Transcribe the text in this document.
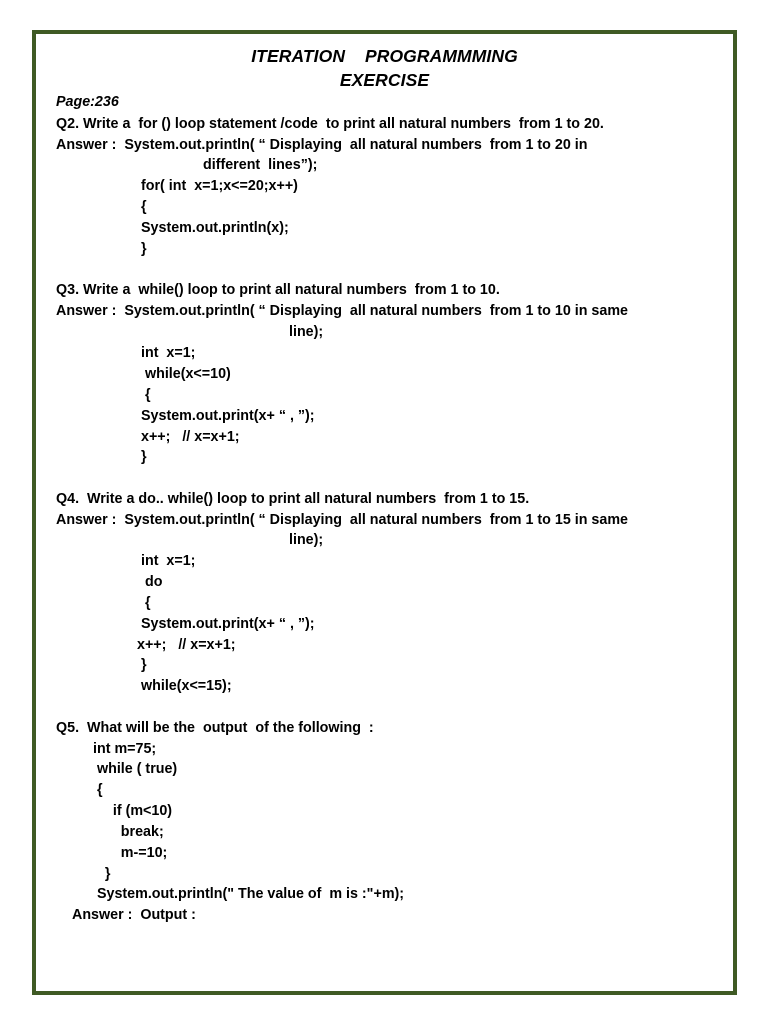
ITERATION    PROGRAMMMING
EXERCISE
Page:236
Q2. Write a  for () loop statement /code  to print all natural numbers  from 1 to 20.
Answer :  System.out.println( “ Displaying  all natural numbers  from 1 to 20 in
different  lines”);
for( int  x=1;x<=20;x++)
{
System.out.println(x);
}
Q3. Write a  while() loop to print all natural numbers  from 1 to 10.
Answer :  System.out.println( “ Displaying  all natural numbers  from 1 to 10 in same
line);
int  x=1;
while(x<=10)
{
System.out.print(x+ “ , ”);
x++;   // x=x+1;
}
Q4.  Write a do.. while() loop to print all natural numbers  from 1 to 15.
Answer :  System.out.println( “ Displaying  all natural numbers  from 1 to 15 in same
line);
int  x=1;
do
{
System.out.print(x+ “ , ”);
x++;   // x=x+1;
}
while(x<=15);
Q5.  What will be the  output  of the following  :
int m=75;
while ( true)
{
if (m<10)
break;
m-=10;
}
System.out.println(" The value of  m is :"+m);
Answer :  Output :
